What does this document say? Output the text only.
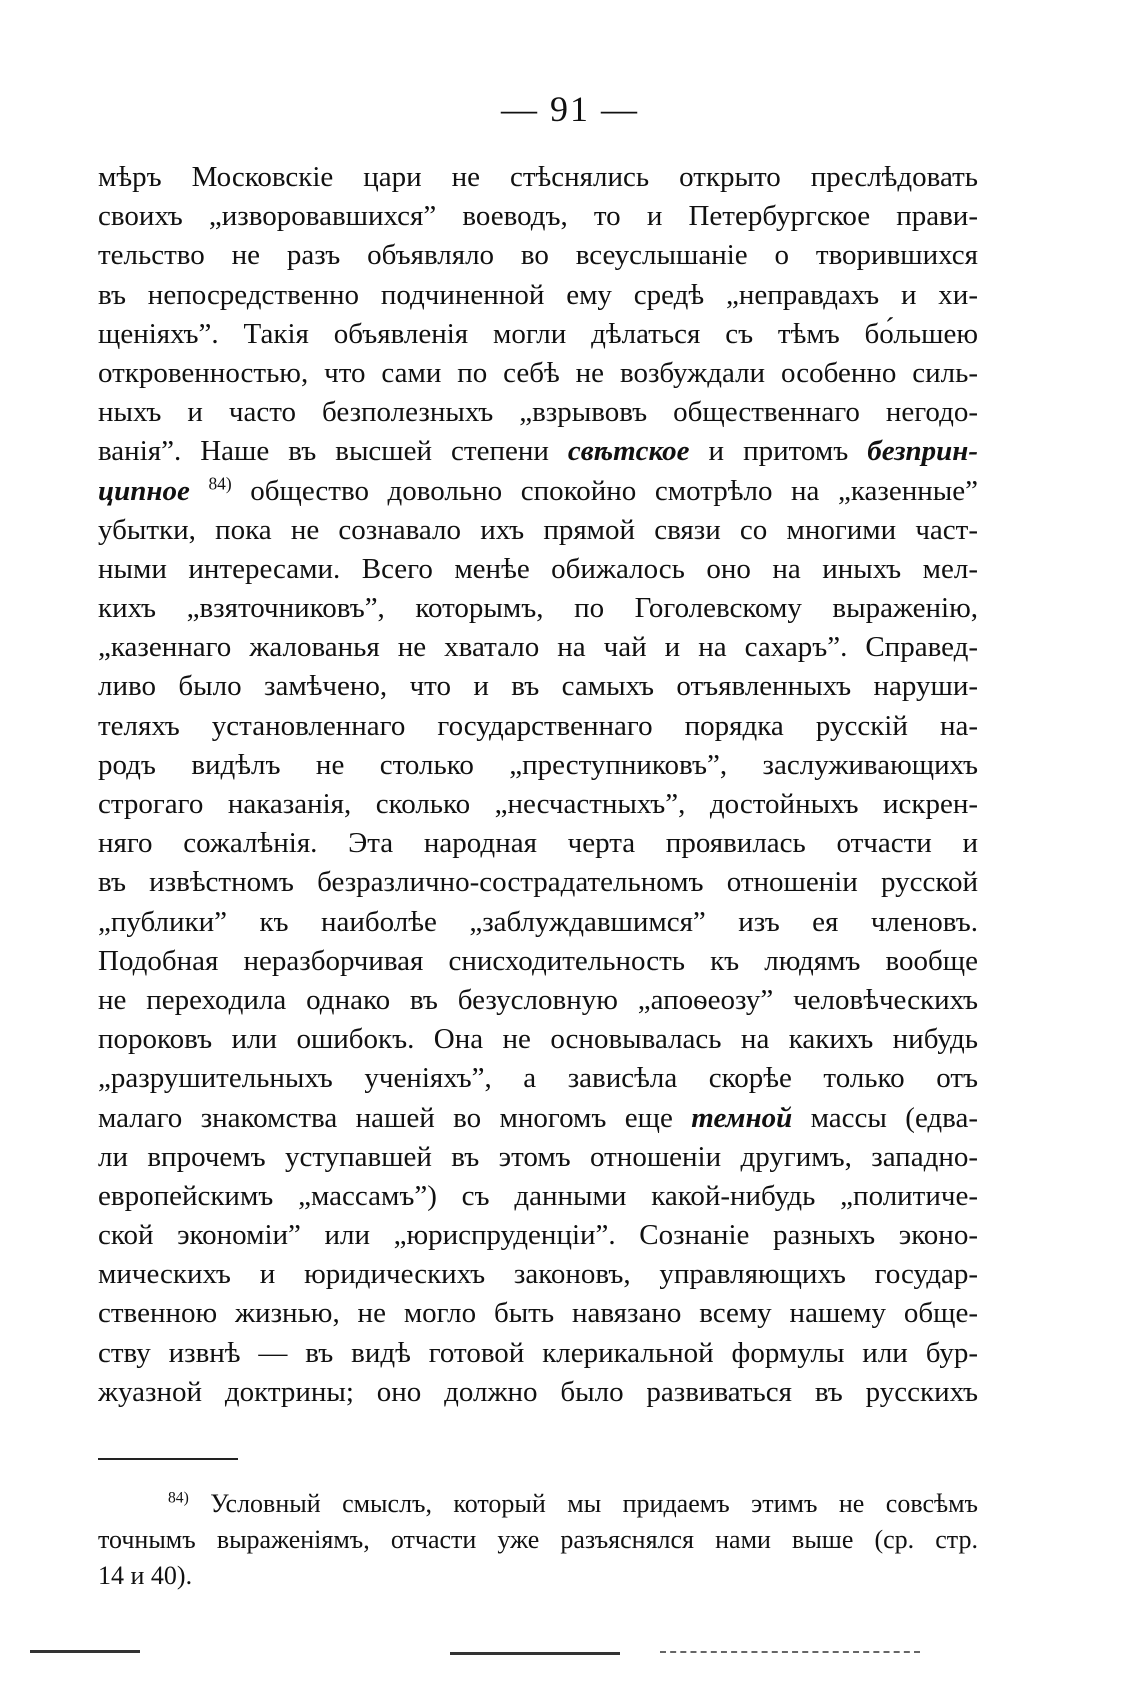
— 91 —
мѣръ Московскіе цари не стѣснялись открыто преслѣдовать
своихъ „изворовавшихся” воеводъ, то и Петербургское прави-
тельство не разъ объявляло во всеуслышаніе о творившихся
въ непосредственно подчиненной ему средѣ „неправдахъ и хи-
щеніяхъ”. Такія объявленія могли дѣлаться съ тѣмъ бо́льшею
откровенностью, что сами по себѣ не возбуждали особенно силь-
ныхъ и часто безполезныхъ „взрывовъ общественнаго негодо-
ванія”. Наше въ высшей степени свѣтское и притомъ безприн-
ципное $^{84)}$ общество довольно спокойно смотрѣло на „казенные”
убытки, пока не сознавало ихъ прямой связи со многими част-
ными интересами. Всего менѣе обижалось оно на иныхъ мел-
кихъ „взяточниковъ”, которымъ, по Гоголевскому выраженію,
„казеннаго жалованья не хватало на чай и на сахаръ”. Справед-
ливо было замѣчено, что и въ самыхъ отъявленныхъ наруши-
теляхъ установленнаго государственнаго порядка русскій на-
родъ видѣлъ не столько „преступниковъ”, заслуживающихъ
строгаго наказанія, сколько „несчастныхъ”, достойныхъ искрен-
няго сожалѣнія. Эта народная черта проявилась отчасти и
въ извѣстномъ безразлично-сострадательномъ отношеніи русской
„публики” къ наиболѣе „заблуждавшимся” изъ ея членовъ.
Подобная неразборчивая снисходительность къ людямъ вообще
не переходила однако въ безусловную „апоѳеозу” человѣческихъ
пороковъ или ошибокъ. Она не основывалась на какихъ нибудь
„разрушительныхъ ученіяхъ”, а зависѣла скорѣе только отъ
малаго знакомства нашей во многомъ еще темной массы (едва-
ли впрочемъ уступавшей въ этомъ отношеніи другимъ, западно-
европейскимъ „массамъ”) съ данными какой-нибудь „политиче-
ской экономіи” или „юриспруденціи”. Сознаніе разныхъ эконо-
мическихъ и юридическихъ законовъ, управляющихъ государ-
ственною жизнью, не могло быть навязано всему нашему обще-
ству извнѣ — въ видѣ готовой клерикальной формулы или бур-
жуазной доктрины; оно должно было развиваться въ русскихъ
$^{84)}$ Условный смыслъ, который мы придаемъ этимъ не совсѣмъ
точнымъ выраженіямъ, отчасти уже разъяснялся нами выше (ср. стр.
14 и 40).
